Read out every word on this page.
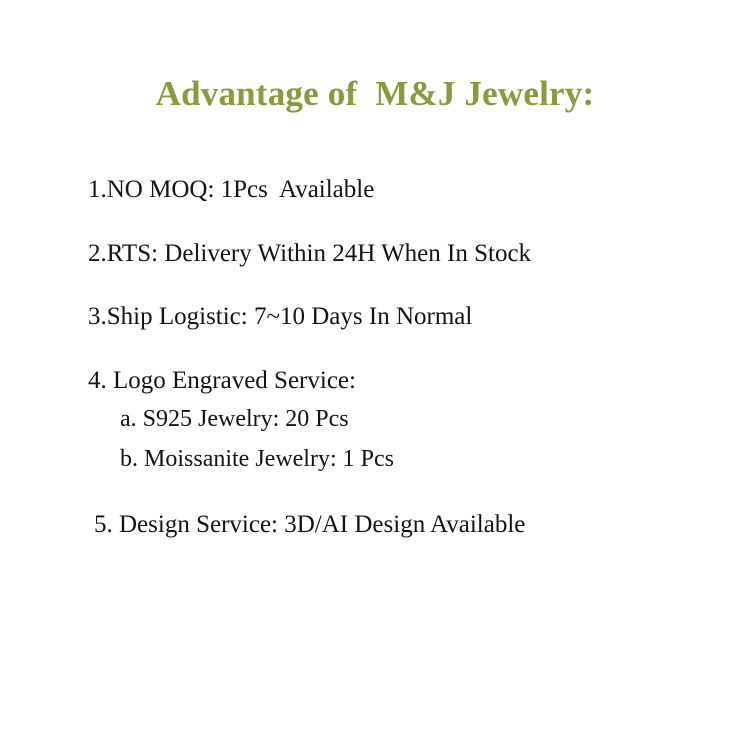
Advantage of  M&J Jewelry:
1.NO MOQ: 1Pcs  Available
2.RTS: Delivery Within 24H When In Stock
3.Ship Logistic: 7~10 Days In Normal
4. Logo Engraved Service:
a. S925 Jewelry: 20 Pcs
b. Moissanite Jewelry: 1 Pcs
5. Design Service: 3D/AI Design Available
